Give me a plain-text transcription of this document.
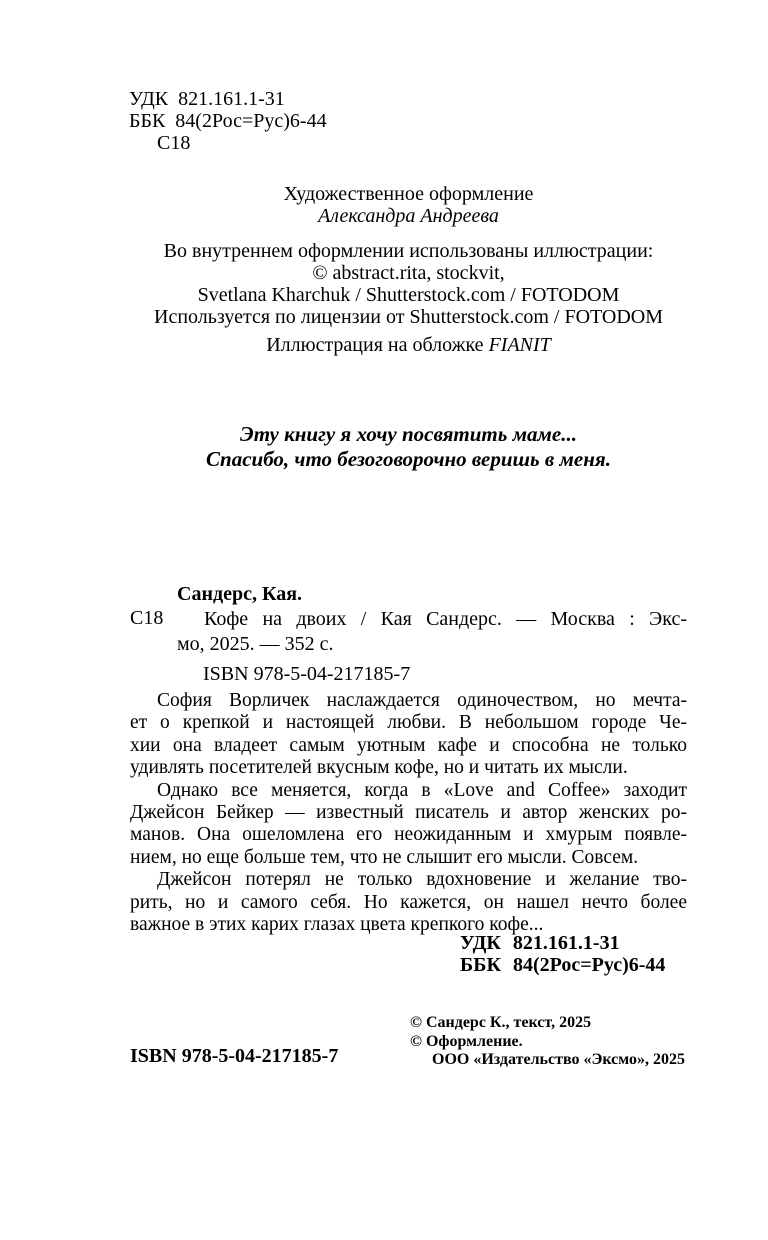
УДК 821.161.1-31
ББК 84(2Рос=Рус)6-44
С18
Художественное оформление
Александра Андреева
Во внутреннем оформлении использованы иллюстрации:
© abstract.rita, stockvit,
Svetlana Kharchuk / Shutterstock.com / FOTODOM
Используется по лицензии от Shutterstock.com / FOTODOM
Иллюстрация на обложке FIANIT
Эту книгу я хочу посвятить маме...
Спасибо, что безоговорочно веришь в меня.
Сандерс, Кая.
С18	Кофе на двоих / Кая Сандерс. — Москва : Экс-
мо, 2025. — 352 с.
ISBN 978-5-04-217185-7
София Ворличек наслаждается одиночеством, но мечта-
ет о крепкой и настоящей любви. В небольшом городе Че-
хии она владеет самым уютным кафе и способна не только
удивлять посетителей вкусным кофе, но и читать их мысли.
Однако все меняется, когда в «Love and Coffee» заходит
Джейсон Бейкер — известный писатель и автор женских ро-
манов. Она ошеломлена его неожиданным и хмурым появле-
нием, но еще больше тем, что не слышит его мысли. Совсем.
Джейсон потерял не только вдохновение и желание тво-
рить, но и самого себя. Но кажется, он нашел нечто более
важное в этих карих глазах цвета крепкого кофе...
УДК 821.161.1-31
ББК 84(2Рос=Рус)6-44
© Сандерс К., текст, 2025
© Оформление.
ООО «Издательство «Эксмо», 2025
ISBN 978-5-04-217185-7
